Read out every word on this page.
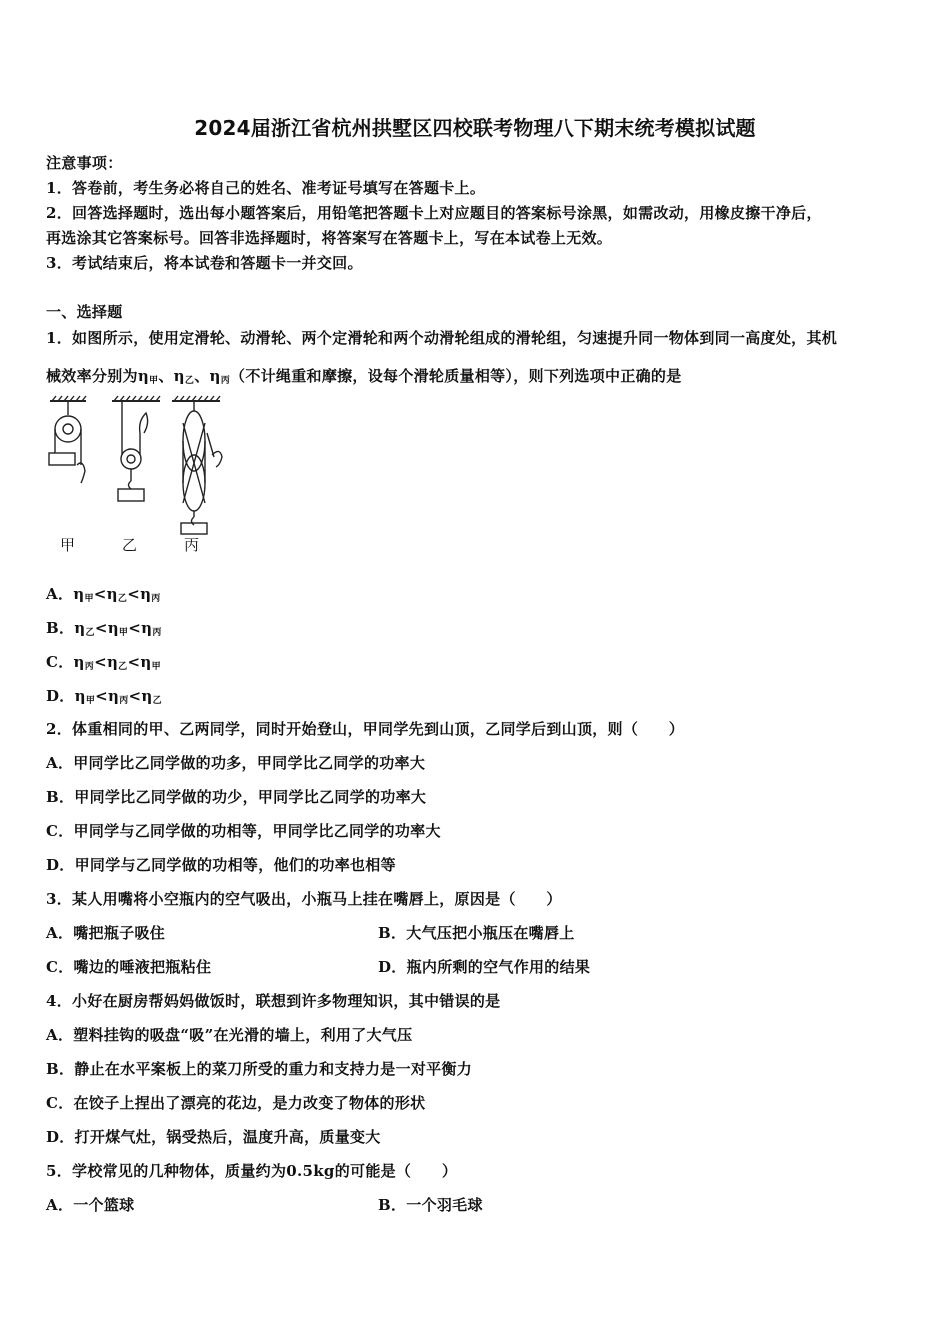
2024届浙江省杭州拱墅区四校联考物理八下期末统考模拟试题
注意事项：
1．答卷前，考生务必将自己的姓名、准考证号填写在答题卡上。
2．回答选择题时，选出每小题答案后，用铅笔把答题卡上对应题目的答案标号涂黑，如需改动，用橡皮擦干净后，
再选涂其它答案标号。回答非选择题时，将答案写在答题卡上，写在本试卷上无效。
3．考试结束后，将本试卷和答题卡一并交回。
一、选择题
1．如图所示，使用定滑轮、动滑轮、两个定滑轮和两个动滑轮组成的滑轮组，匀速提升同一物体到同一高度处，其机
械效率分别为$\eta_甲$、$\eta_乙$、$\eta_丙$（不计绳重和摩擦，设每个滑轮质量相等），则下列选项中正确的是
甲	乙	丙
A．$\eta_甲<\eta_乙<\eta_丙$
B．$\eta_乙<\eta_甲<\eta_丙$
C．$\eta_丙<\eta_乙<\eta_甲$
D．$\eta_甲<\eta_丙<\eta_乙$
2．体重相同的甲、乙两同学，同时开始登山，甲同学先到山顶，乙同学后到山顶，则（　　）
A．甲同学比乙同学做的功多，甲同学比乙同学的功率大
B．甲同学比乙同学做的功少，甲同学比乙同学的功率大
C．甲同学与乙同学做的功相等，甲同学比乙同学的功率大
D．甲同学与乙同学做的功相等，他们的功率也相等
3．某人用嘴将小空瓶内的空气吸出，小瓶马上挂在嘴唇上，原因是（　　）
A．嘴把瓶子吸住	B．大气压把小瓶压在嘴唇上
C．嘴边的唾液把瓶粘住	D．瓶内所剩的空气作用的结果
4．小好在厨房帮妈妈做饭时，联想到许多物理知识，其中错误的是
A．塑料挂钩的吸盘“吸”在光滑的墙上，利用了大气压
B．静止在水平案板上的菜刀所受的重力和支持力是一对平衡力
C．在饺子上捏出了漂亮的花边，是力改变了物体的形状
D．打开煤气灶，锅受热后，温度升高，质量变大
5．学校常见的几种物体，质量约为0.5kg的可能是（　　）
A．一个篮球	B．一个羽毛球
